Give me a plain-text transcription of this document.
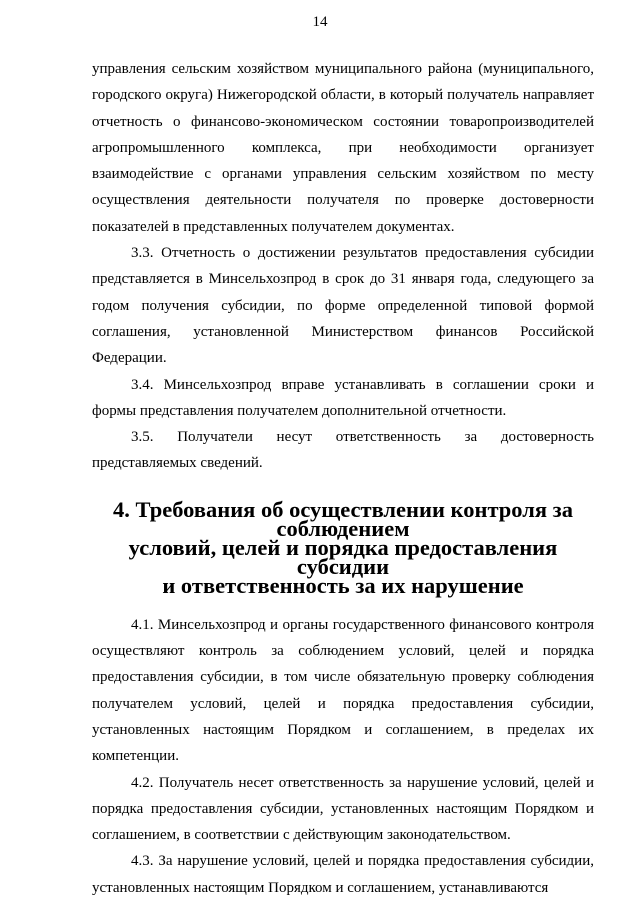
14

управления сельским хозяйством муниципального района (муниципального, городского округа) Нижегородской области, в который получатель направляет отчетность о финансово-экономическом состоянии товаропроизводителей агропромышленного комплекса, при необходимости организует взаимодействие с органами управления сельским хозяйством по месту осуществления деятельности получателя по проверке достоверности показателей в представленных получателем документах.

3.3. Отчетность о достижении результатов предоставления субсидии представляется в Минсельхозпрод в срок до 31 января года, следующего за годом получения субсидии, по форме определенной типовой формой соглашения, установленной Министерством финансов Российской Федерации.

3.4. Минсельхозпрод вправе устанавливать в соглашении сроки и формы представления получателем дополнительной отчетности.

3.5. Получатели несут ответственность за достоверность представляемых сведений.

4. Требования об осуществлении контроля за соблюдением
условий, целей и порядка предоставления субсидии
и ответственность за их нарушение

4.1. Минсельхозпрод и органы государственного финансового контроля осуществляют контроль за соблюдением условий, целей и порядка предоставления субсидии, в том числе обязательную проверку соблюдения получателем условий, целей и порядка предоставления субсидии, установленных настоящим Порядком и соглашением, в пределах их компетенции.

4.2. Получатель несет ответственность за нарушение условий, целей и порядка предоставления субсидии, установленных настоящим Порядком и соглашением, в соответствии с действующим законодательством.

4.3. За нарушение условий, целей и порядка предоставления субсидии, установленных настоящим Порядком и соглашением, устанавливаются
